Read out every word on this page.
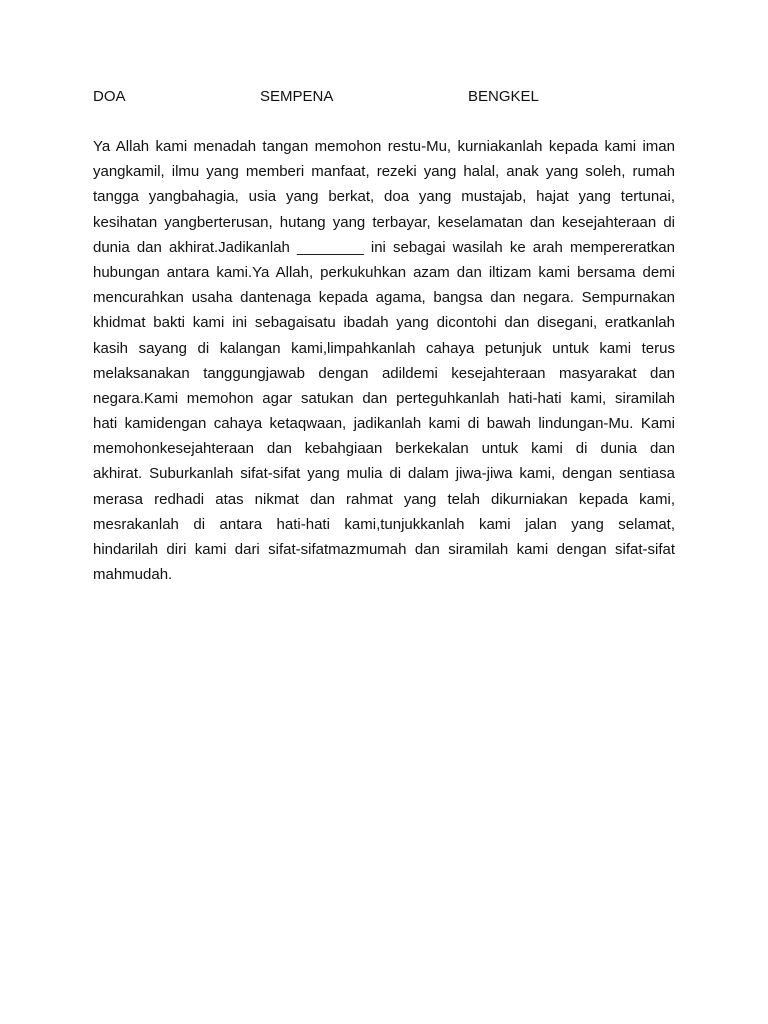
DOA	SEMPENA	BENGKEL
Ya Allah kami menadah tangan memohon restu-Mu, kurniakanlah kepada kami iman
yangkamil, ilmu yang memberi manfaat, rezeki yang halal, anak yang soleh, rumah
tangga yangbahagia, usia yang berkat, doa yang mustajab, hajat yang tertunai,
kesihatan yangberterusan, hutang yang terbayar, keselamatan dan kesejahteraan di
dunia dan akhirat.Jadikanlah ________ ini sebagai wasilah ke arah mempereratkan
hubungan antara kami.Ya Allah, perkukuhkan azam dan iltizam kami bersama demi
mencurahkan usaha dantenaga kepada agama, bangsa dan negara. Sempurnakan
khidmat bakti kami ini sebagaisatu ibadah yang dicontohi dan disegani, eratkanlah
kasih sayang di kalangan kami,limpahkanlah cahaya petunjuk untuk kami terus
melaksanakan tanggungjawab dengan adildemi kesejahteraan masyarakat dan
negara.Kami memohon agar satukan dan perteguhkanlah hati-hati kami, siramilah
hati kamidengan cahaya ketaqwaan, jadikanlah kami di bawah lindungan-Mu. Kami
memohonkesejahteraan dan kebahgiaan berkekalan untuk kami di dunia dan
akhirat. Suburkanlah sifat-sifat yang mulia di dalam jiwa-jiwa kami, dengan sentiasa
merasa redhadi atas nikmat dan rahmat yang telah dikurniakan kepada kami,
mesrakanlah di antara hati-hati kami,tunjukkanlah kami jalan yang selamat,
hindarilah diri kami dari sifat-sifatmazmumah dan siramilah kami dengan sifat-sifat
mahmudah.
